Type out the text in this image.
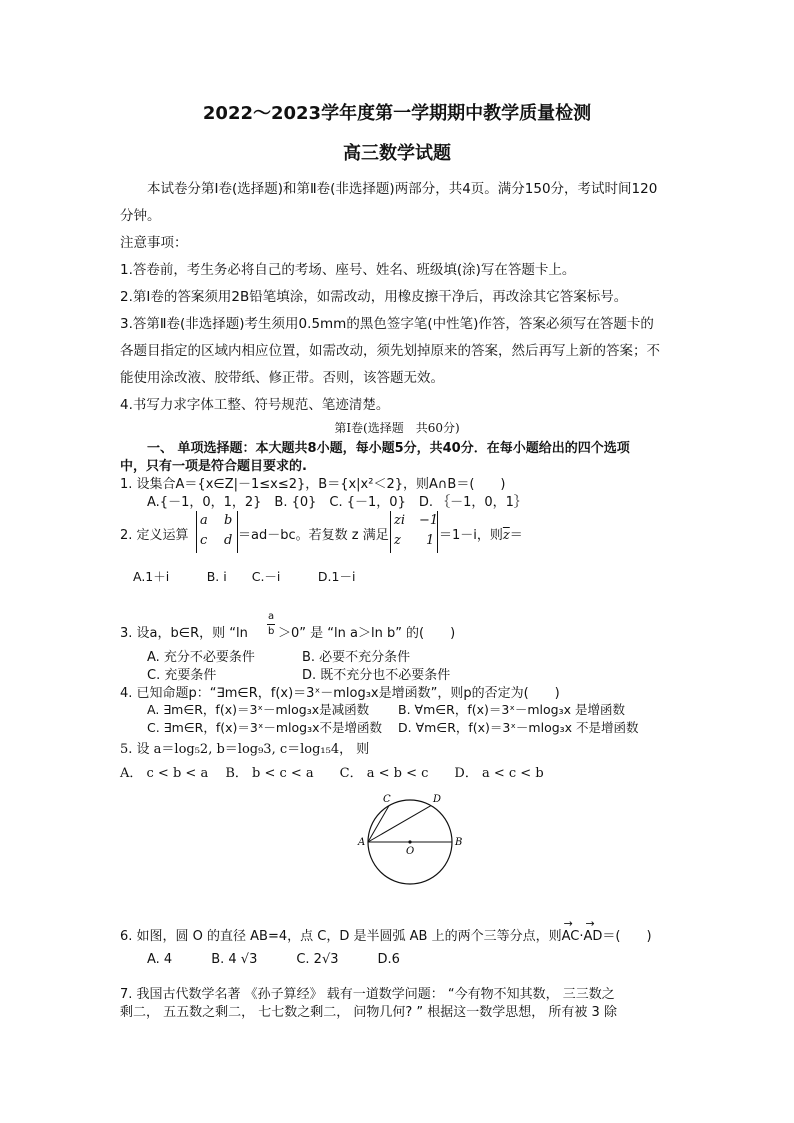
2022～2023学年度第一学期期中教学质量检测
高三数学试题
本试卷分第Ⅰ卷(选择题)和第Ⅱ卷(非选择题)两部分，共4页。满分150分，考试时间120
分钟。
注意事项：
1.答卷前，考生务必将自己的考场、座号、姓名、班级填(涂)写在答题卡上。
2.第Ⅰ卷的答案须用2B铅笔填涂，如需改动，用橡皮擦干净后，再改涂其它答案标号。
3.答第Ⅱ卷(非选择题)考生须用0.5mm的黑色签字笔(中性笔)作答，答案必须写在答题卡的
各题目指定的区域内相应位置，如需改动，须先划掉原来的答案，然后再写上新的答案；不
能使用涂改液、胶带纸、修正带。否则，该答题无效。
4.书写力求字体工整、符号规范、笔迹清楚。
第Ⅰ卷(选择题　共60分)
一、 单项选择题：本大题共8小题，每小题5分，共40分．在每小题给出的四个选项
中，只有一项是符合题目要求的.
1. 设集合A＝{x∈Z|－1≤x≤2}，B＝{x|x²＜2}，则A∩B＝(　　)
A.{－1，0，1，2}　B. {0}　C. {－1，0}　D. ｛－1，0，1｝
2. 定义运算
a b
c d ＝ad－bc。若复数 z 满足
zi −1
z 1 ＝1－i，则$\overline{z}=$
A.1＋i　　　B. i　　C.－i　　　D.1－i
3. 设a，b∈R，则 “ln
a
b ＞0” 是 “ln a＞ln b” 的(　　)
A. 充分不必要条件	B. 必要不充分条件
C. 充要条件	D. 既不充分也不必要条件
4. 已知命题p：“∃m∈R，f(x)＝3ˣ－mlog₃x是增函数”，则p的否定为(　　)
A. ∃m∈R，f(x)＝3ˣ－mlog₃x是减函数 B. ∀m∈R，f(x)＝3ˣ－mlog₃x 是增函数
C. ∃m∈R，f(x)＝3ˣ－mlog₃x不是增函数 D. ∀m∈R，f(x)＝3ˣ－mlog₃x 不是增函数
5. 设 a＝log₅2, b＝log₉3, c＝log₁₅4， 则
A． c < b < a　 B． b < c < a　　C． a < b < c　　D． a < c < b
A	B
C	D
O
6. 如图，圆 O 的直径 AB=4，点 C，D 是半圆弧 AB 上的两个三等分点，则→ AC·→ AD＝(　　)
A. 4　　　B. 4 √3　　　C. 2√3　　　D.6
7. 我国古代数学名著 《孙子算经》 载有一道数学问题： “今有物不知其数， 三三数之
剩二， 五五数之剩二， 七七数之剩二， 问物几何? ” 根据这一数学思想， 所有被 3 除
